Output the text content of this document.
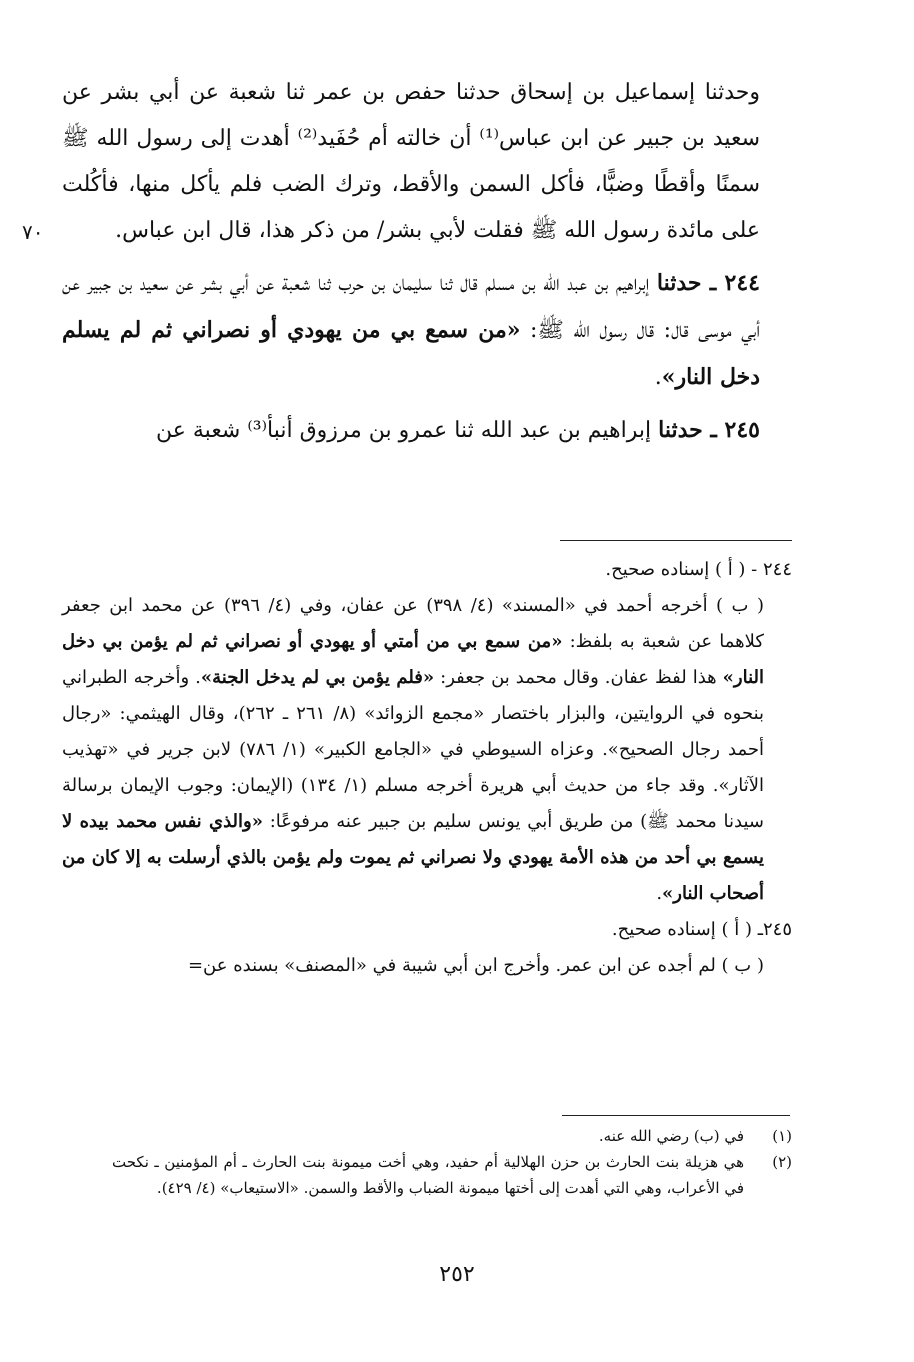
وحدثنا إسماعيل بن إسحاق حدثنا حفص بن عمر ثنا شعبة عن أبي بشر عن سعيد بن جبير عن ابن عباس⁽¹⁾ أن خالته أم حُفَيد⁽²⁾ أهدت إلى رسول الله ﷺ سمنًا وأقطًا وضبًّا، فأكل السمن والأقط، وترك الضب فلم يأكل منها، فأكُلت على مائدة رسول الله ﷺ فقلت لأبي بشر/ من ذكر هذا، قال ابن عباس.

٢٤٤ ـ حدثنا إبراهيم بن عبد الله بن مسلم قال ثنا سليمان بن حرب ثنا شعبة عن أبي بشر عن سعيد بن جبير عن أبي موسى قال: قال رسول الله ﷺ: «من سمع بي من يهودي أو نصراني ثم لم يسلم دخل النار».

٢٤٥ ـ حدثنا إبراهيم بن عبد الله ثنا عمرو بن مرزوق أنبأ⁽³⁾ شعبة عن

٧٠

٢٤٤ - ( أ ) إسناده صحيح.

( ب ) أخرجه أحمد في «المسند» (٤/ ٣٩٨) عن عفان، وفي (٤/ ٣٩٦) عن محمد ابن جعفر كلاهما عن شعبة به بلفظ: «من سمع بي من أمتي أو يهودي أو نصراني ثم لم يؤمن بي دخل النار» هذا لفظ عفان. وقال محمد بن جعفر: «فلم يؤمن بي لم يدخل الجنة». وأخرجه الطبراني بنحوه في الروايتين، والبزار باختصار «مجمع الزوائد» (٨/ ٢٦١ ـ ٢٦٢)، وقال الهيثمي: «رجال أحمد رجال الصحيح». وعزاه السيوطي في «الجامع الكبير» (١/ ٧٨٦) لابن جرير في «تهذيب الآثار». وقد جاء من حديث أبي هريرة أخرجه مسلم (١/ ١٣٤) (الإيمان: وجوب الإيمان برسالة سيدنا محمد ﷺ) من طريق أبي يونس سليم بن جبير عنه مرفوعًا: «والذي نفس محمد بيده لا يسمع بي أحد من هذه الأمة يهودي ولا نصراني ثم يموت ولم يؤمن بالذي أرسلت به إلا كان من أصحاب النار».

٢٤٥ـ ( أ ) إسناده صحيح.

( ب ) لم أجده عن ابن عمر. وأخرج ابن أبي شيبة في «المصنف» بسنده عن=

(١)
في (ب) رضي الله عنه.
(٢)
هي هزيلة بنت الحارث بن حزن الهلالية أم حفيد، وهي أخت ميمونة بنت الحارث ـ أم المؤمنين ـ نكحت في الأعراب، وهي التي أهدت إلى أختها ميمونة الضباب والأقط والسمن. «الاستيعاب» (٤/ ٤٢٩).
٢٥٢
